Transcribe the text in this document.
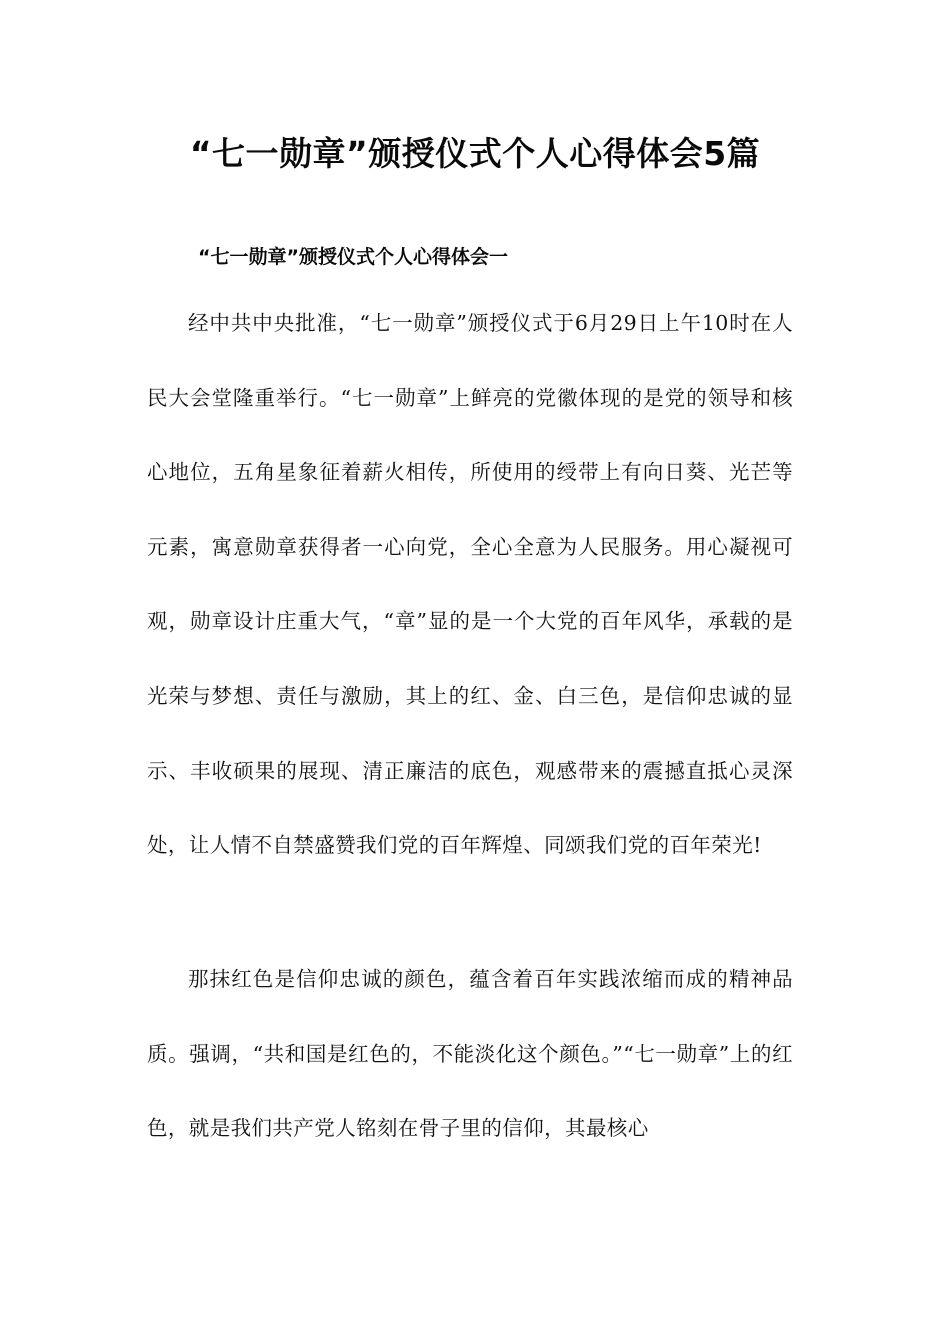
“七一勋章”颁授仪式个人心得体会5篇
“七一勋章”颁授仪式个人心得体会一

经中共中央批准，“七一勋章”颁授仪式于6月29日上午10时在人民大会堂隆重举行。“七一勋章”上鲜亮的党徽体现的是党的领导和核心地位，五角星象征着薪火相传，所使用的绶带上有向日葵、光芒等元素，寓意勋章获得者一心向党，全心全意为人民服务。用心凝视可观，勋章设计庄重大气，“章”显的是一个大党的百年风华，承载的是光荣与梦想、责任与激励，其上的红、金、白三色，是信仰忠诚的显示、丰收硕果的展现、清正廉洁的底色，观感带来的震撼直抵心灵深处，让人情不自禁盛赞我们党的百年辉煌、同颂我们党的百年荣光!

那抹红色是信仰忠诚的颜色，蕴含着百年实践浓缩而成的精神品质。强调，“共和国是红色的，不能淡化这个颜色。”“七一勋章”上的红色，就是我们共产党人铭刻在骨子里的信仰，其最核心
